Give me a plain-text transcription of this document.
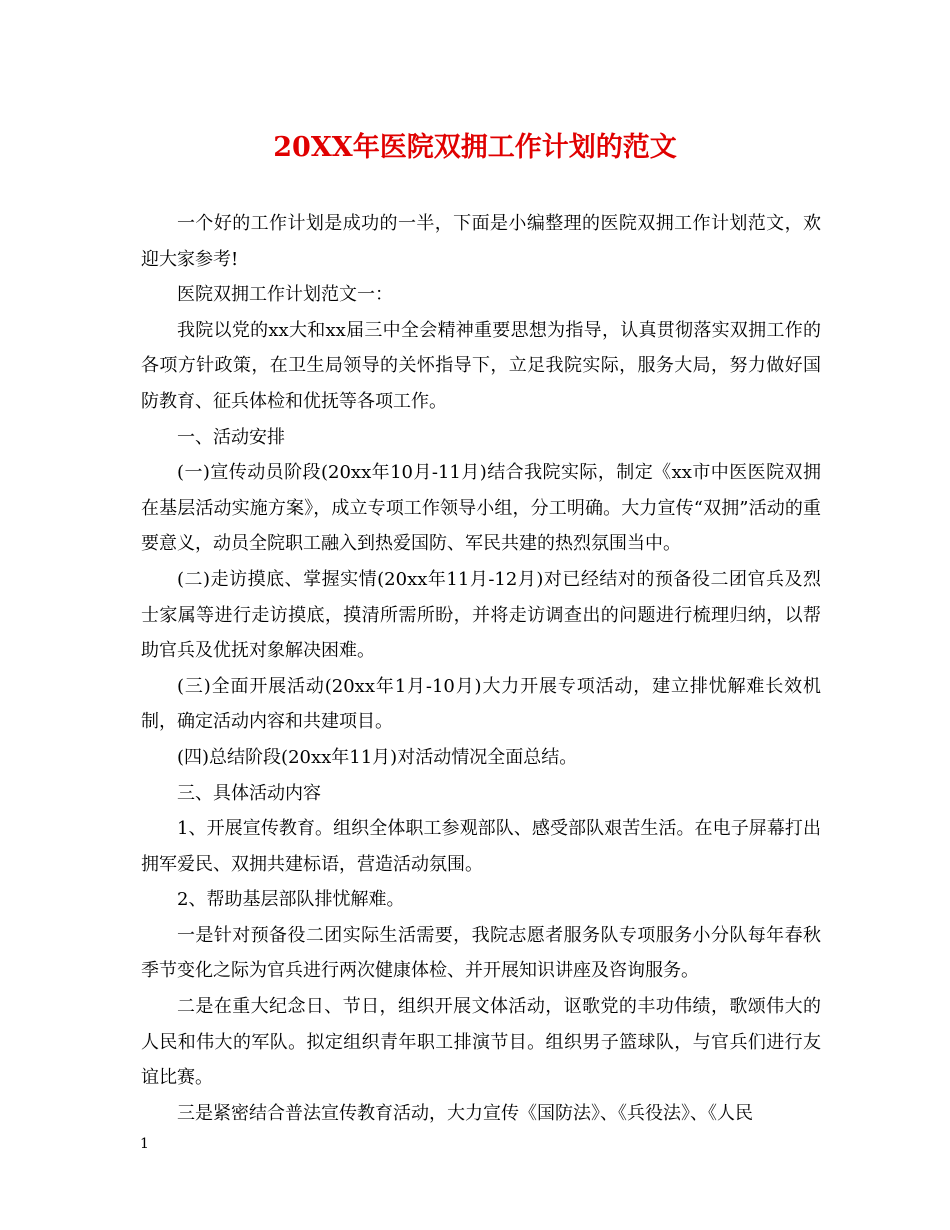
20XX年医院双拥工作计划的范文

一个好的工作计划是成功的一半，下面是小编整理的医院双拥工作计划范文，欢迎大家参考!

医院双拥工作计划范文一：

我院以党的xx大和xx届三中全会精神重要思想为指导，认真贯彻落实双拥工作的各项方针政策，在卫生局领导的关怀指导下，立足我院实际，服务大局，努力做好国防教育、征兵体检和优抚等各项工作。

一、活动安排

(一)宣传动员阶段(20xx年10月-11月)结合我院实际，制定《xx市中医医院双拥在基层活动实施方案》，成立专项工作领导小组，分工明确。大力宣传“双拥”活动的重要意义，动员全院职工融入到热爱国防、军民共建的热烈氛围当中。

(二)走访摸底、掌握实情(20xx年11月-12月)对已经结对的预备役二团官兵及烈士家属等进行走访摸底，摸清所需所盼，并将走访调查出的问题进行梳理归纳，以帮助官兵及优抚对象解决困难。

(三)全面开展活动(20xx年1月-10月)大力开展专项活动，建立排忧解难长效机制，确定活动内容和共建项目。

(四)总结阶段(20xx年11月)对活动情况全面总结。

三、具体活动内容

1、开展宣传教育。组织全体职工参观部队、感受部队艰苦生活。在电子屏幕打出拥军爱民、双拥共建标语，营造活动氛围。

2、帮助基层部队排忧解难。

一是针对预备役二团实际生活需要，我院志愿者服务队专项服务小分队每年春秋季节变化之际为官兵进行两次健康体检、并开展知识讲座及咨询服务。

二是在重大纪念日、节日，组织开展文体活动，讴歌党的丰功伟绩，歌颂伟大的人民和伟大的军队。拟定组织青年职工排演节目。组织男子篮球队，与官兵们进行友谊比赛。

三是紧密结合普法宣传教育活动，大力宣传《国防法》、《兵役法》、《人民

1
